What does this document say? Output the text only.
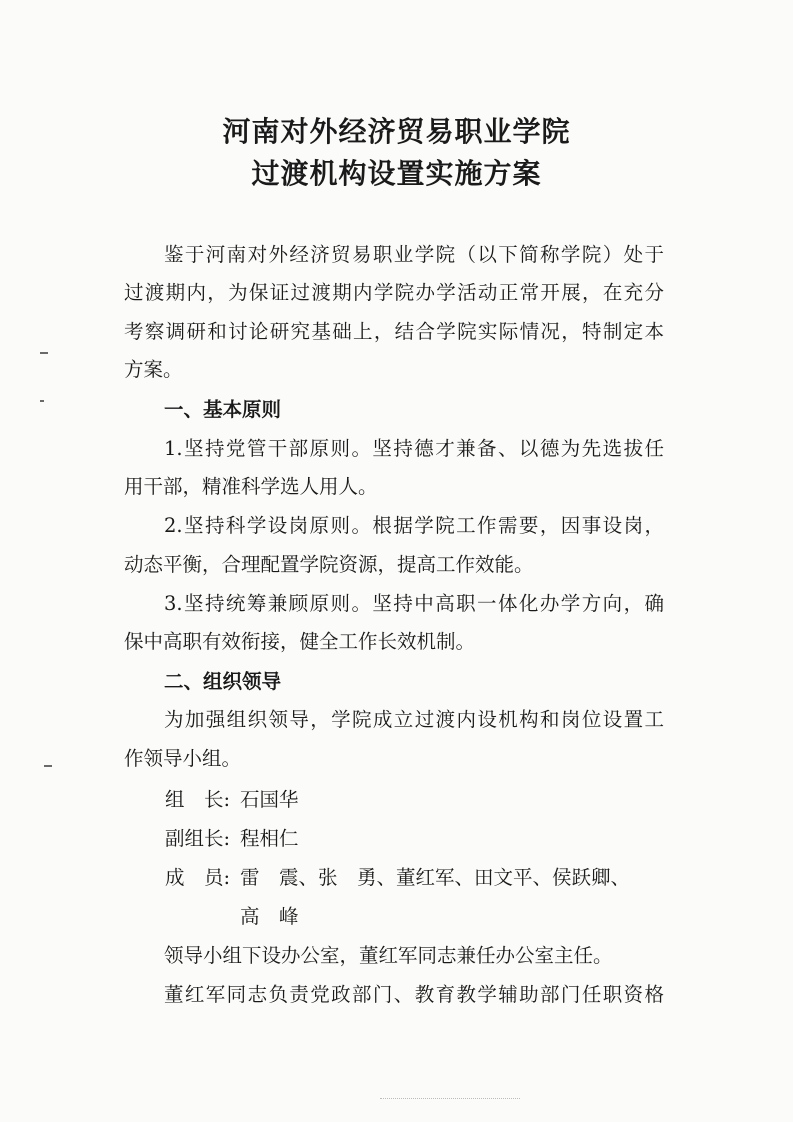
河南对外经济贸易职业学院
过渡机构设置实施方案
鉴于河南对外经济贸易职业学院（以下简称学院）处于
过渡期内，为保证过渡期内学院办学活动正常开展，在充分
考察调研和讨论研究基础上，结合学院实际情况，特制定本
方案。
一、基本原则
1.坚持党管干部原则。坚持德才兼备、以德为先选拔任
用干部，精准科学选人用人。
2.坚持科学设岗原则。根据学院工作需要，因事设岗，
动态平衡，合理配置学院资源，提高工作效能。
3.坚持统筹兼顾原则。坚持中高职一体化办学方向，确
保中高职有效衔接，健全工作长效机制。
二、组织领导
为加强组织领导，学院成立过渡内设机构和岗位设置工
作领导小组。
组　长: 石国华
副组长: 程相仁
成　员: 雷　震、张　勇、董红军、田文平、侯跃卿、
高　峰
领导小组下设办公室，董红军同志兼任办公室主任。
董红军同志负责党政部门、教育教学辅助部门任职资格
